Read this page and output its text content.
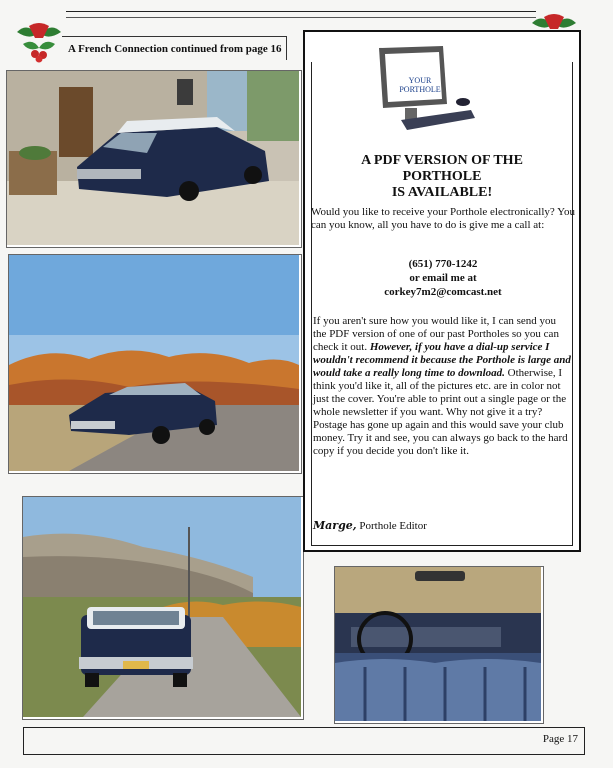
A French Connection continued from page 16
YOUR
PORTHOLE
A PDF VERSION OF THE
PORTHOLE
IS AVAILABLE!
Would you like to receive your Porthole electronically? You can you know, all you have to do is give me a call at:
(651) 770-1242
or email me at
corkey7m2@comcast.net
If you aren't sure how you would like it, I can send you the PDF version of one of our past Portholes so you can check it out. However, if you have a dial-up service I wouldn't recommend it because the Porthole is large and would take a really long time to download. Otherwise, I think you'd like it, all of the pictures etc. are in color not just the cover. You're able to print out a single page or the whole newsletter if you want. Why not give it a try? Postage has gone up again and this would save your club money. Try it and see, you can always go back to the hard copy if you decide you don't like it.
Marge, Porthole Editor
Page 17
